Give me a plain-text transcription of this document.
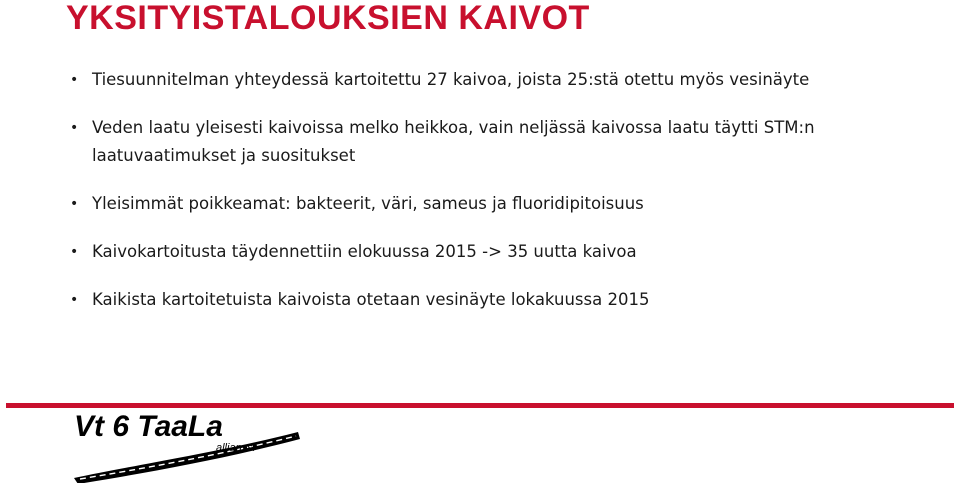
YKSITYISTALOUKSIEN KAIVOT
• Tiesuunnitelman yhteydessä kartoitettu 27 kaivoa, joista 25:stä otettu myös vesinäyte
• Veden laatu yleisesti kaivoissa melko heikkoa, vain neljässä kaivossa laatu täytti STM:n laatuvaatimukset ja suositukset
• Yleisimmät poikkeamat: bakteerit, väri, sameus ja fluoridipitoisuus
• Kaivokartoitusta täydennettiin elokuussa 2015 -> 35 uutta kaivoa
• Kaikista kartoitetuista kaivoista otetaan vesinäyte lokakuussa 2015
Vt 6 TaaLa
allianssi
